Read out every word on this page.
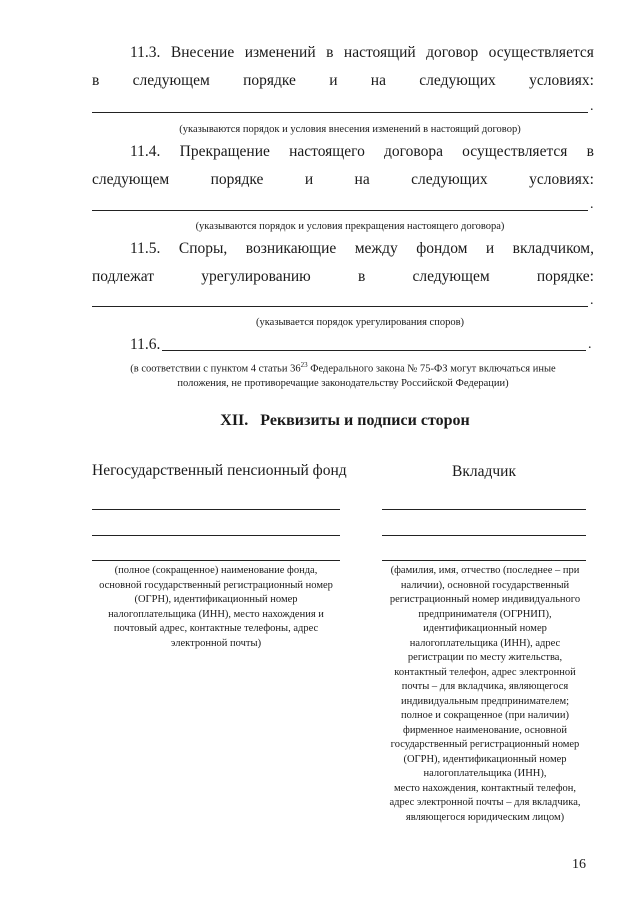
11.3. Внесение изменений в настоящий договор осуществляется
в следующем порядке и на следующих условиях:
.
(указываются порядок и условия внесения изменений в настоящий договор)
11.4. Прекращение настоящего договора осуществляется в
следующем	порядке	и	на	следующих	условиях:
.
(указываются порядок и условия прекращения настоящего договора)
11.5. Споры, возникающие между фондом и вкладчиком,
подлежат	урегулированию	в	следующем	порядке:
.
(указывается порядок урегулирования споров)
11.6.	.
(в соответствии с пунктом 4 статьи $36^{23}$ Федерального закона № 75-ФЗ могут включаться иные
положения, не противоречащие законодательству Российской Федерации)
XII.   Реквизиты и подписи сторон
Негосударственный пенсионный фонд
(полное (сокращенное) наименование фонда,
основной государственный регистрационный номер
(ОГРН), идентификационный номер
налогоплательщика (ИНН), место нахождения и
почтовый адрес, контактные телефоны, адрес
электронной почты)
Вкладчик
(фамилия, имя, отчество (последнее – при
наличии), основной государственный
регистрационный номер индивидуального
предпринимателя (ОГРНИП),
идентификационный номер
налогоплательщика (ИНН), адрес
регистрации по месту жительства,
контактный телефон, адрес электронной
почты – для вкладчика, являющегося
индивидуальным предпринимателем;
полное и сокращенное (при наличии)
фирменное наименование, основной
государственный регистрационный номер
(ОГРН), идентификационный номер
налогоплательщика (ИНН),
место нахождения, контактный телефон,
адрес электронной почты – для вкладчика,
являющегося юридическим лицом)
16
